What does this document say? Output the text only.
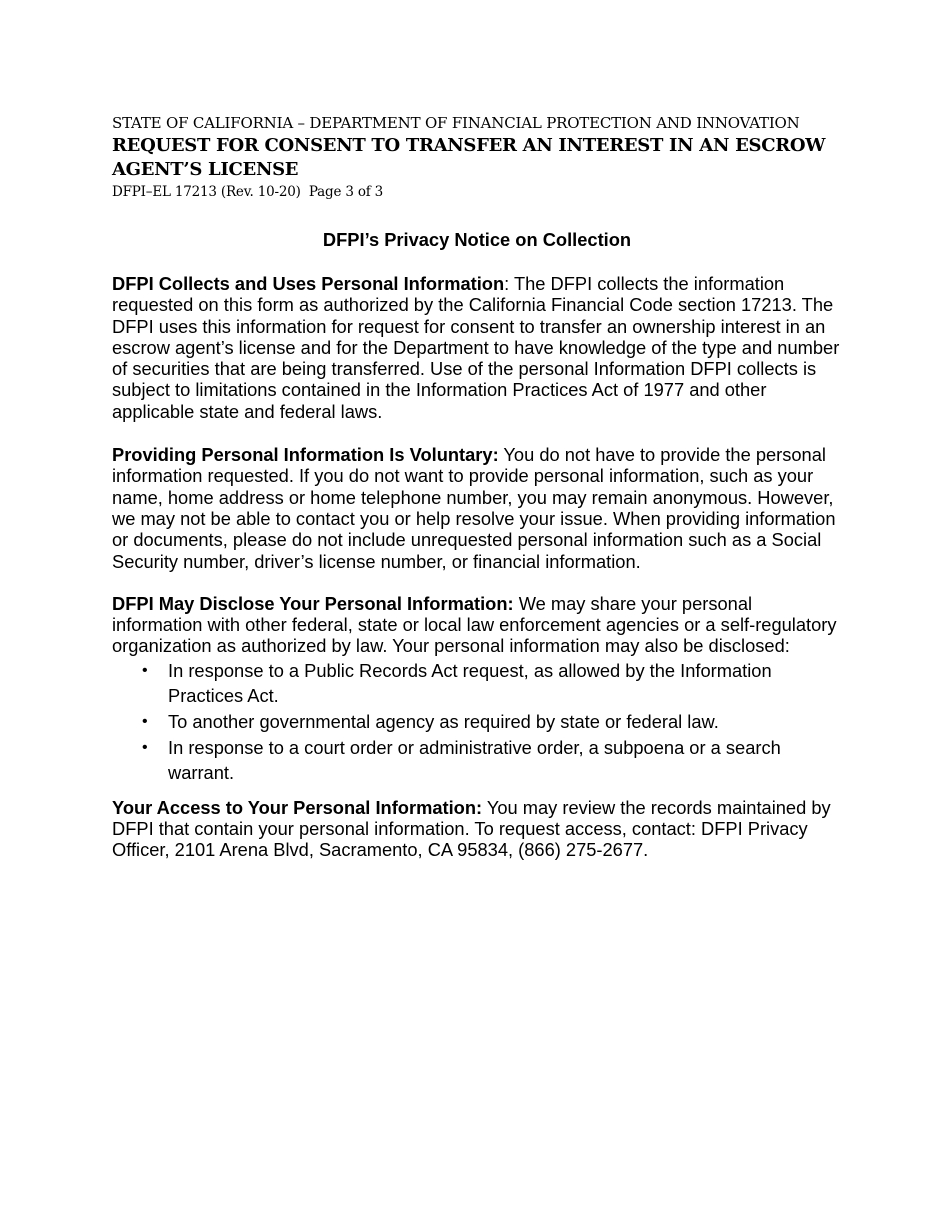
STATE OF CALIFORNIA – DEPARTMENT OF FINANCIAL PROTECTION AND INNOVATION

REQUEST FOR CONSENT TO TRANSFER AN INTEREST IN AN ESCROW AGENT’S LICENSE

DFPI–EL 17213 (Rev. 10-20)  Page 3 of 3

DFPI’s Privacy Notice on Collection

DFPI Collects and Uses Personal Information: The DFPI collects the information requested on this form as authorized by the California Financial Code section 17213. The DFPI uses this information for request for consent to transfer an ownership interest in an escrow agent’s license and for the Department to have knowledge of the type and number of securities that are being transferred. Use of the personal Information DFPI collects is subject to limitations contained in the Information Practices Act of 1977 and other applicable state and federal laws.

Providing Personal Information Is Voluntary: You do not have to provide the personal information requested. If you do not want to provide personal information, such as your name, home address or home telephone number, you may remain anonymous. However, we may not be able to contact you or help resolve your issue. When providing information or documents, please do not include unrequested personal information such as a Social Security number, driver’s license number, or financial information.

DFPI May Disclose Your Personal Information: We may share your personal information with other federal, state or local law enforcement agencies or a self-regulatory organization as authorized by law. Your personal information may also be disclosed:

• In response to a Public Records Act request, as allowed by the Information Practices Act.
• To another governmental agency as required by state or federal law.
• In response to a court order or administrative order, a subpoena or a search warrant.

Your Access to Your Personal Information: You may review the records maintained by DFPI that contain your personal information. To request access, contact: DFPI Privacy Officer, 2101 Arena Blvd, Sacramento, CA 95834, (866) 275-2677.
